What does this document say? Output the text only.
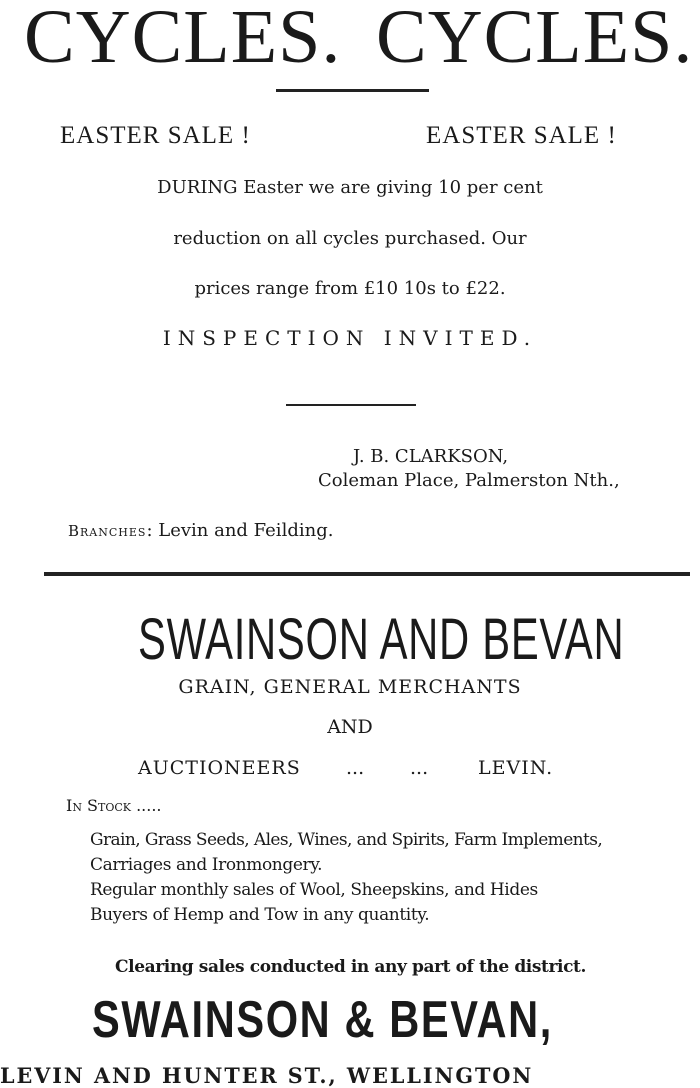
CYCLES. CYCLES.
EASTER SALE !	EASTER SALE !
DURING Easter we are giving 10 per cent
reduction on all cycles purchased. Our
prices range from £10 10s to £22.
INSPECTION INVITED.
J. B. CLARKSON,
Coleman Place, Palmerston Nth.,
Branches: Levin and Feilding.
SWAINSON AND BEVAN
GRAIN, GENERAL MERCHANTS
AND
AUCTIONEERS ... ...	LEVIN.
In Stock .....
Grain, Grass Seeds, Ales, Wines, and Spirits, Farm Implements,
Carriages and Ironmongery.
Regular monthly sales of Wool, Sheepskins, and Hides
Buyers of Hemp and Tow in any quantity.
Clearing sales conducted in any part of the district.
SWAINSON & BEVAN,
LEVIN AND HUNTER ST., WELLINGTON
